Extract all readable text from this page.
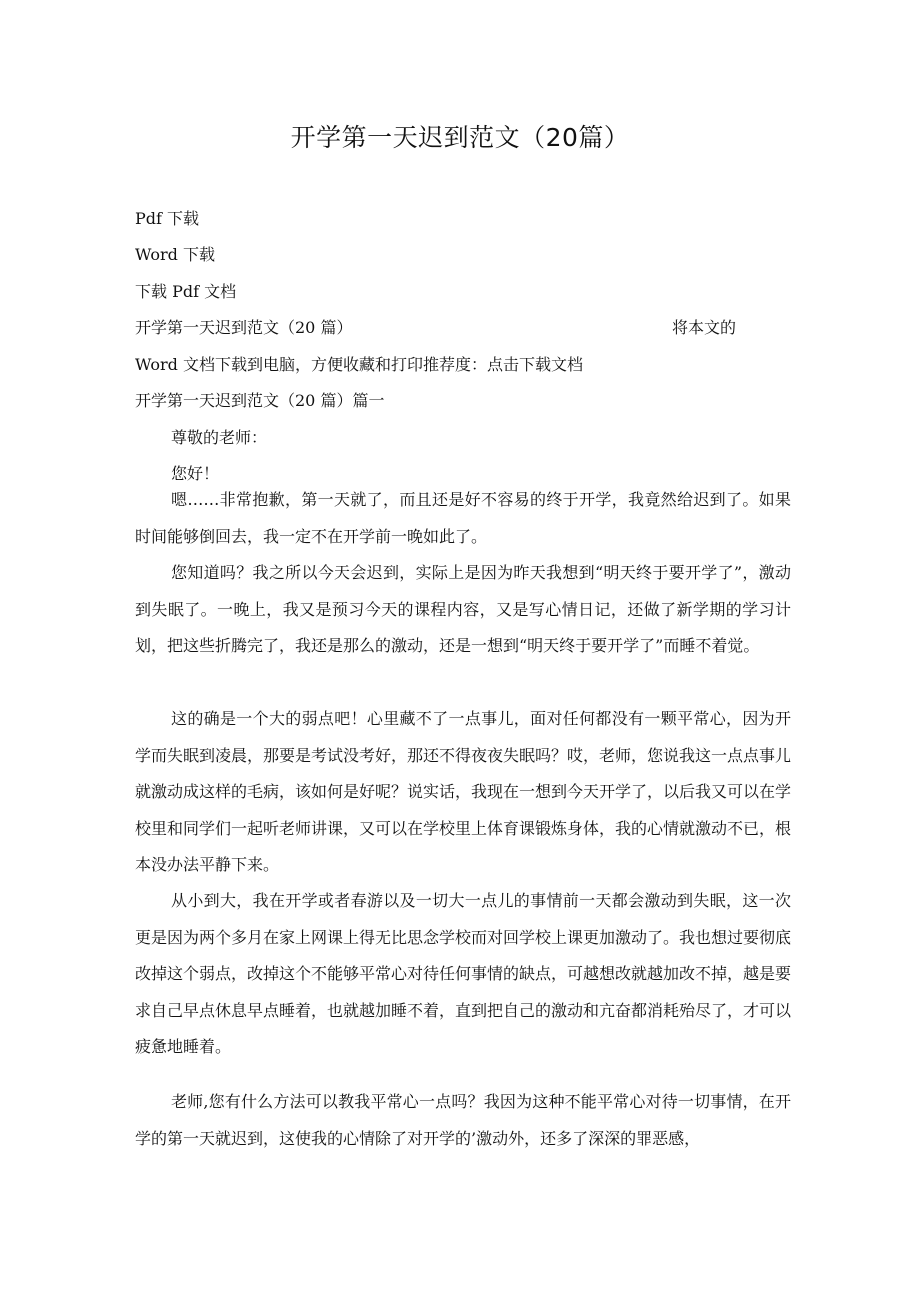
开学第一天迟到范文（20篇）
Pdf 下载
Word 下载
下载 Pdf 文档
开学第一天迟到范文（20 篇）	将本文的
Word 文档下载到电脑，方便收藏和打印推荐度：点击下载文档
开学第一天迟到范文（20 篇）篇一
尊敬的老师：
您好！

嗯……非常抱歉，第一天就了，而且还是好不容易的终于开学，我竟然给迟到了。如果时间能够倒回去，我一定不在开学前一晚如此了。

您知道吗？我之所以今天会迟到，实际上是因为昨天我想到“明天终于要开学了”，激动到失眠了。一晚上，我又是预习今天的课程内容，又是写心情日记，还做了新学期的学习计划，把这些折腾完了，我还是那么的激动，还是一想到“明天终于要开学了”而睡不着觉。

这的确是一个大的弱点吧！心里藏不了一点事儿，面对任何都没有一颗平常心，因为开学而失眠到凌晨，那要是考试没考好，那还不得夜夜失眠吗？哎，老师，您说我这一点点事儿就激动成这样的毛病，该如何是好呢？说实话，我现在一想到今天开学了，以后我又可以在学校里和同学们一起听老师讲课，又可以在学校里上体育课锻炼身体，我的心情就激动不已，根本没办法平静下来。

从小到大，我在开学或者春游以及一切大一点儿的事情前一天都会激动到失眠，这一次更是因为两个多月在家上网课上得无比思念学校而对回学校上课更加激动了。我也想过要彻底改掉这个弱点，改掉这个不能够平常心对待任何事情的缺点，可越想改就越加改不掉，越是要求自己早点休息早点睡着，也就越加睡不着，直到把自己的激动和亢奋都消耗殆尽了，才可以疲惫地睡着。

老师,您有什么方法可以教我平常心一点吗？我因为这种不能平常心对待一切事情，在开学的第一天就迟到，这使我的心情除了对开学的’激动外，还多了深深的罪恶感，
